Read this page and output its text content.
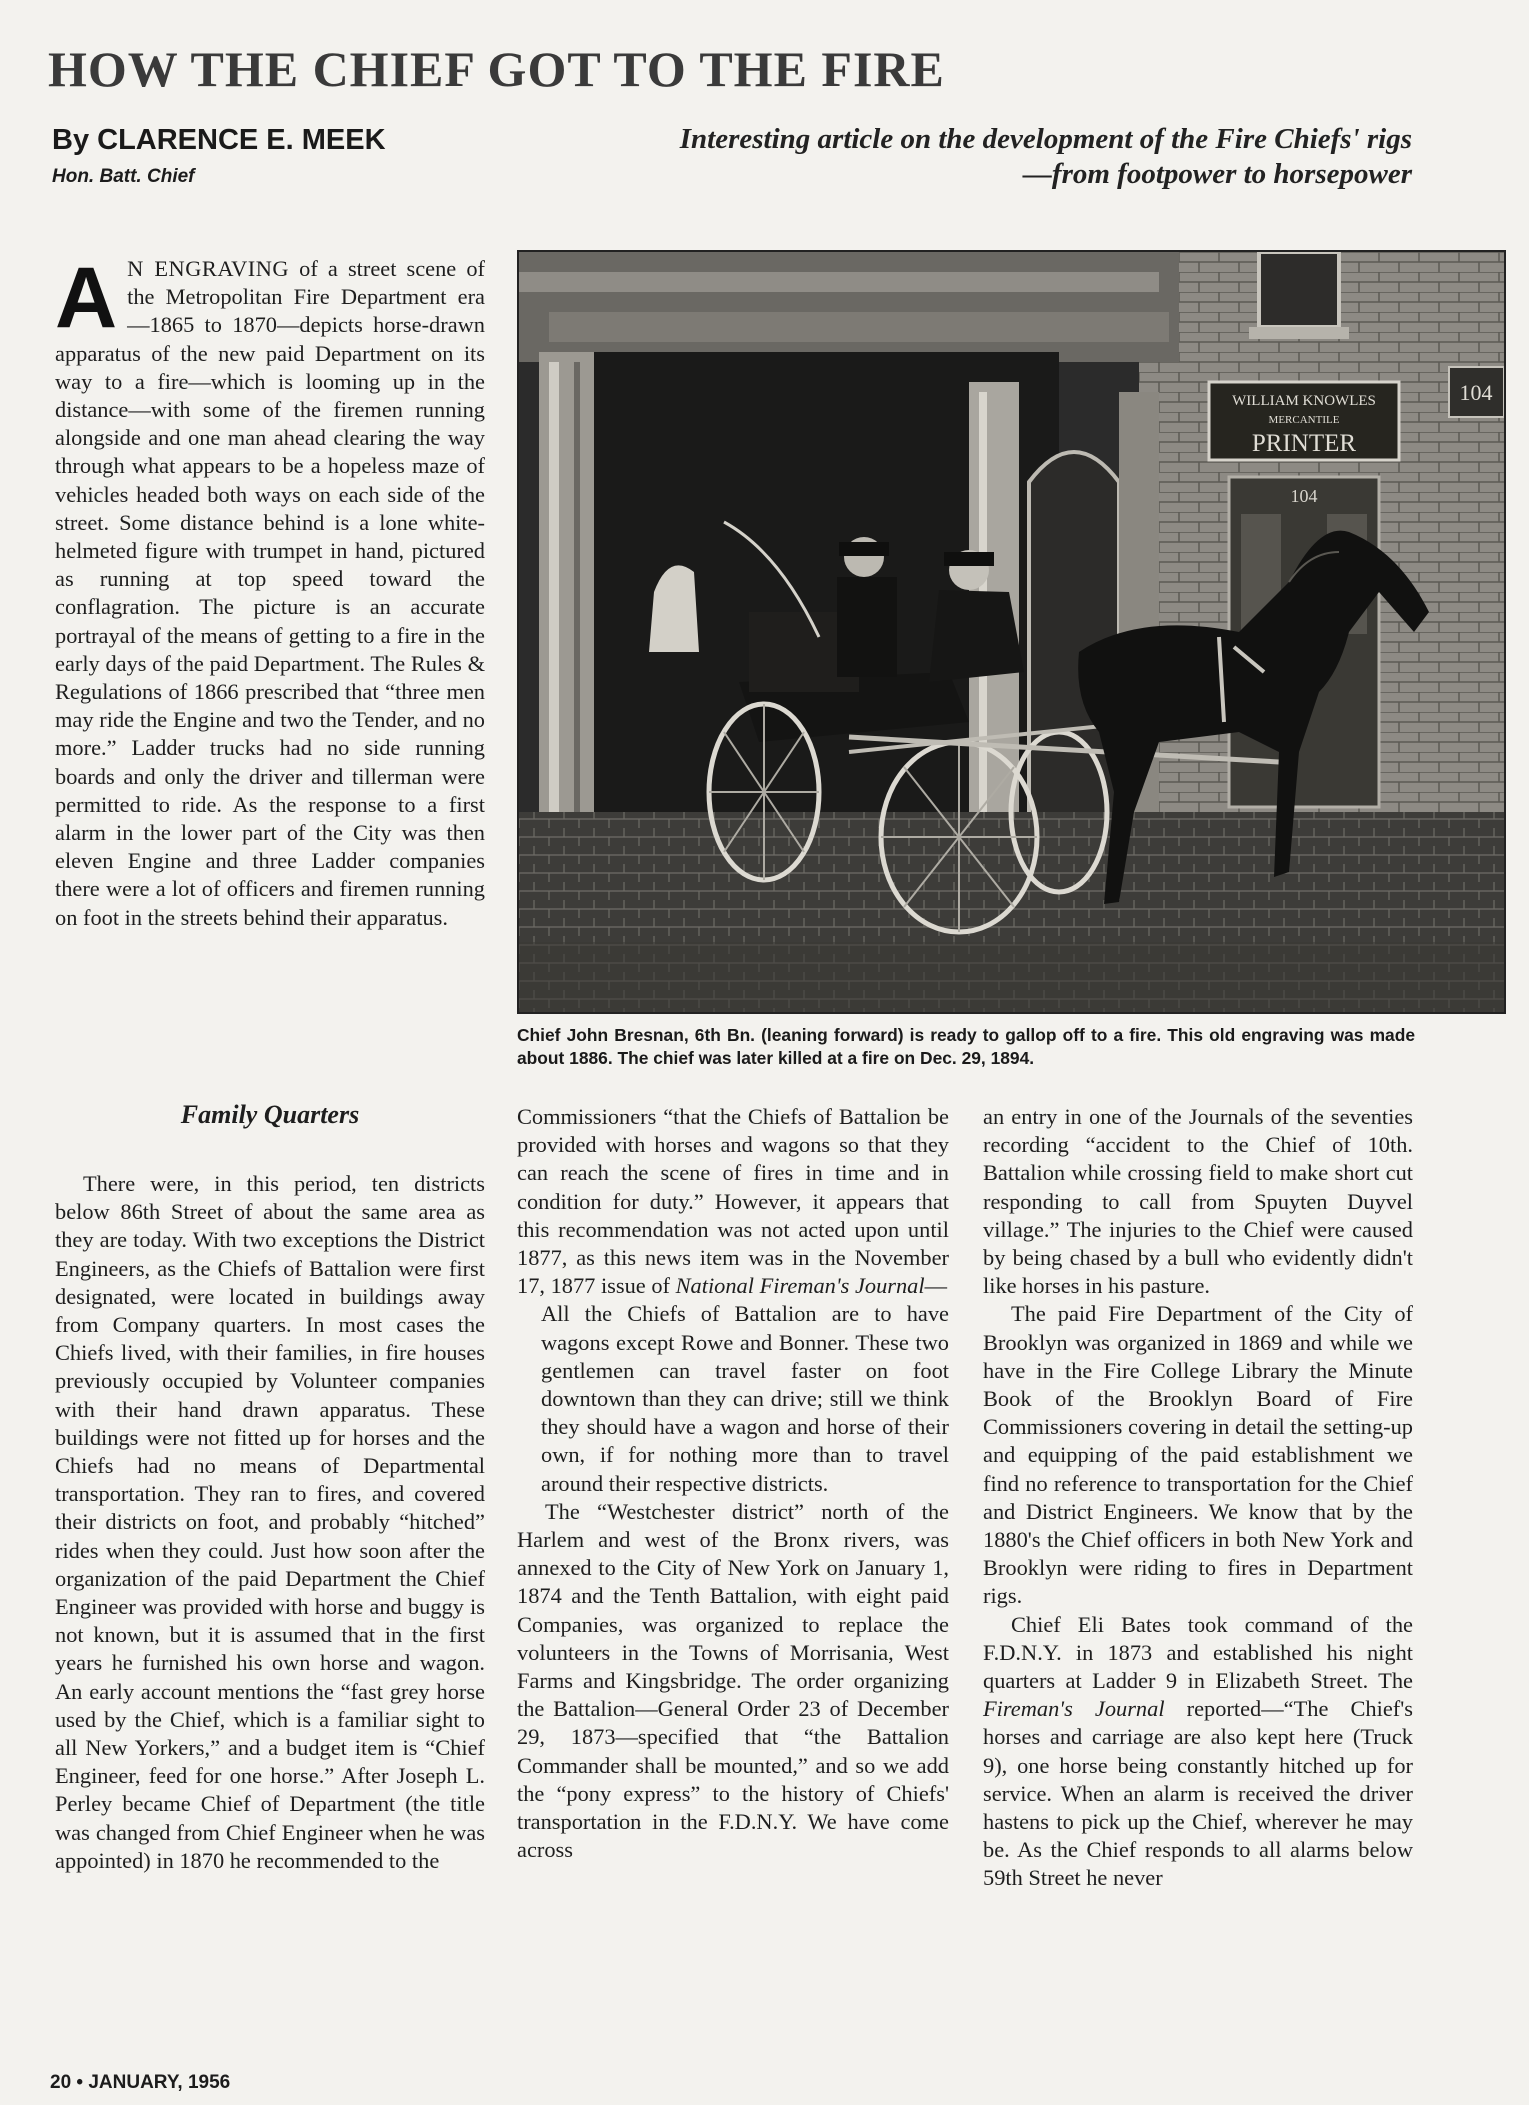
HOW THE CHIEF GOT TO THE FIRE
By CLARENCE E. MEEK
Hon. Batt. Chief
Interesting article on the development of the Fire Chiefs' rigs—from footpower to horsepower

A N ENGRAVING of a street scene of the Metropolitan Fire Department era—1865 to 1870—depicts horse-drawn apparatus of the new paid Department on its way to a fire—which is looming up in the distance—with some of the firemen running alongside and one man ahead clearing the way through what appears to be a hopeless maze of vehicles headed both ways on each side of the street. Some distance behind is a lone white-helmeted figure with trumpet in hand, pictured as running at top speed toward the conflagration. The picture is an accurate portrayal of the means of getting to a fire in the early days of the paid Department. The Rules & Regulations of 1866 prescribed that “three men may ride the Engine and two the Tender, and no more.” Ladder trucks had no side running boards and only the driver and tillerman were permitted to ride. As the response to a first alarm in the lower part of the City was then eleven Engine and three Ladder companies there were a lot of officers and firemen running on foot in the streets behind their apparatus.

WILLIAM KNOWLES
MERCANTILE
PRINTER
104
104
Chief John Bresnan, 6th Bn. (leaning forward) is ready to gallop off to a fire. This old engraving was made about 1886. The chief was later killed at a fire on Dec. 29, 1894.

Family Quarters

There were, in this period, ten districts below 86th Street of about the same area as they are today. With two exceptions the District Engineers, as the Chiefs of Battalion were first designated, were located in buildings away from Company quarters. In most cases the Chiefs lived, with their families, in fire houses previously occupied by Volunteer companies with their hand drawn apparatus. These buildings were not fitted up for horses and the Chiefs had no means of Departmental transportation. They ran to fires, and covered their districts on foot, and probably “hitched” rides when they could. Just how soon after the organization of the paid Department the Chief Engineer was provided with horse and buggy is not known, but it is assumed that in the first years he furnished his own horse and wagon. An early account mentions the “fast grey horse used by the Chief, which is a familiar sight to all New Yorkers,” and a budget item is “Chief Engineer, feed for one horse.” After Joseph L. Perley became Chief of Department (the title was changed from Chief Engineer when he was appointed) in 1870 he recommended to the

Commissioners “that the Chiefs of Battalion be provided with horses and wagons so that they can reach the scene of fires in time and in condition for duty.” However, it appears that this recommendation was not acted upon until 1877, as this news item was in the November 17, 1877 issue of National Fireman's Journal—

All the Chiefs of Battalion are to have wagons except Rowe and Bonner. These two gentlemen can travel faster on foot downtown than they can drive; still we think they should have a wagon and horse of their own, if for nothing more than to travel around their respective districts.

The “Westchester district” north of the Harlem and west of the Bronx rivers, was annexed to the City of New York on January 1, 1874 and the Tenth Battalion, with eight paid Companies, was organized to replace the volunteers in the Towns of Morrisania, West Farms and Kingsbridge. The order organizing the Battalion—General Order 23 of December 29, 1873—specified that “the Battalion Commander shall be mounted,” and so we add the “pony express” to the history of Chiefs' transportation in the F.D.N.Y. We have come across

an entry in one of the Journals of the seventies recording “accident to the Chief of 10th. Battalion while crossing field to make short cut responding to call from Spuyten Duyvel village.” The injuries to the Chief were caused by being chased by a bull who evidently didn't like horses in his pasture.

The paid Fire Department of the City of Brooklyn was organized in 1869 and while we have in the Fire College Library the Minute Book of the Brooklyn Board of Fire Commissioners covering in detail the setting-up and equipping of the paid establishment we find no reference to transportation for the Chief and District Engineers. We know that by the 1880's the Chief officers in both New York and Brooklyn were riding to fires in Department rigs.

Chief Eli Bates took command of the F.D.N.Y. in 1873 and established his night quarters at Ladder 9 in Elizabeth Street. The Fireman's Journal reported—“The Chief's horses and carriage are also kept here (Truck 9), one horse being constantly hitched up for service. When an alarm is received the driver hastens to pick up the Chief, wherever he may be. As the Chief responds to all alarms below 59th Street he never

20 • JANUARY, 1956
